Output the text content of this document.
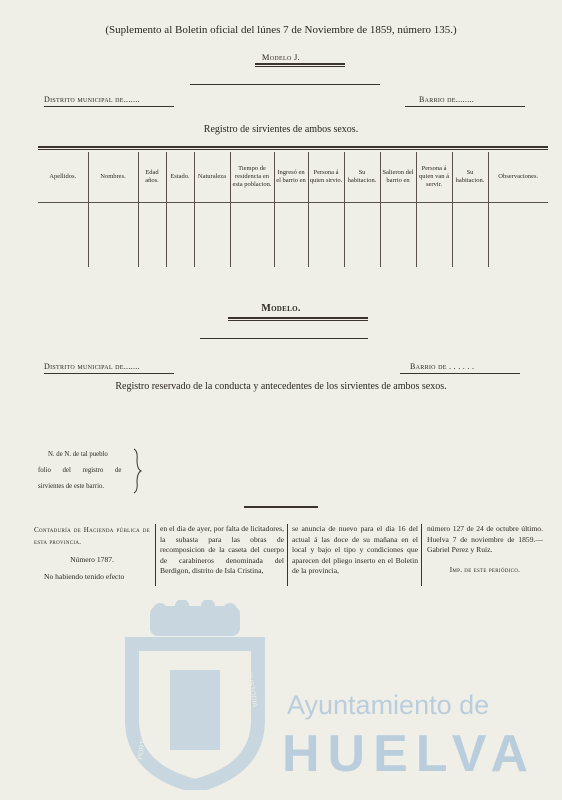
(Suplemento al Boletin oficial del lúnes 7 de Noviembre de 1859, número 135.)
Modelo J.
Distrito municipal de.......	Barrio de........
Registro de sirvientes de ambos sexos.
Apellidos.	Nombres.	Edad años.	Estado.	Naturaleza	Tiempo de residencia en esta poblacion.	Ingresó en el barrio en	Persona á quien sirvio.	Su habitacion.	Salieron del barrio en	Persona á quien van á servir.	Su habitacion.	Observaciones.

Modelo.
Distrito municipal de.......	Barrio de . . . . . .
Registro reservado de la conducta y antecedentes de los sirvientes de ambos sexos.
N. de N. de tal pueblo
folio del registro de
sirvientes de este barrio.
Contaduría de Hacienda pública de esta provincia.
Número 1787.
No habiendo tenido efecto
en el dia de ayer, por falta de licitadores, la subasta para las obras de recomposicion de la caseta del cuerpo de carabineros denominada del Berdigon, distrito de Isla Cristina,
se anuncia de nuevo para el dia 16 del actual á las doce de su mañana en el local y bajo el tipo y condiciones que aparecen del pliego inserto en el Boletin de la provincia,
número 127 de 24 de octubre último. Huelva 7 de noviembre de 1859.—Gabriel Perez y Ruiz.
Imp. de este periódico.
ET TERRE
PORTUS MARIS
CUSTODIA Ayuntamiento de
HUELVA
